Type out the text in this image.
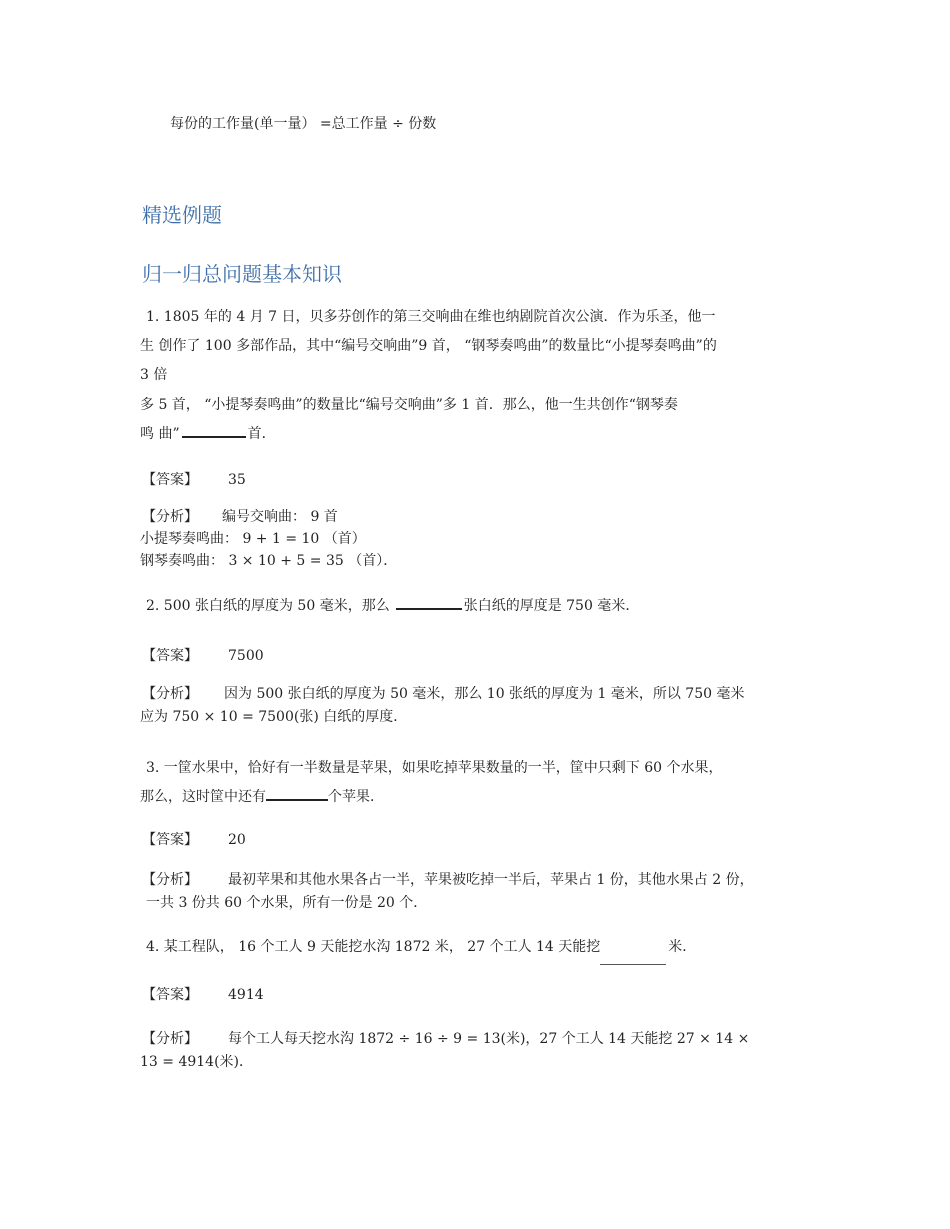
每份的工作量(单一量） =总工作量 ÷ 份数
精选例题
归一归总问题基本知识
1. 1805 年的 4 月 7 日，贝多芬创作的第三交响曲在维也纳剧院首次公演．作为乐圣，他一
生 创作了 100 多部作品，其中“编号交响曲”9 首， “钢琴奏鸣曲”的数量比“小提琴奏鸣曲”的
3 倍
多 5 首， “小提琴奏鸣曲”的数量比“编号交响曲”多 1 首．那么，他一生共创作“钢琴奏
鸣 曲”	首．
【答案】 35
【分析】 编号交响曲： 9 首
小提琴奏鸣曲： 9 + 1 = 10 （首）
钢琴奏鸣曲： 3 × 10 + 5 = 35 （首）．
2. 500 张白纸的厚度为 50 毫米，那么	张白纸的厚度是 750 毫米．
【答案】 7500
【分析】 因为 500 张白纸的厚度为 50 毫米，那么 10 张纸的厚度为 1 毫米，所以 750 毫米
应为 750 × 10 = 7500(张) 白纸的厚度．
3. 一筐水果中，恰好有一半数量是苹果，如果吃掉苹果数量的一半，筐中只剩下 60 个水果，
那么，这时筐中还有	个苹果．
【答案】 20
【分析】 最初苹果和其他水果各占一半，苹果被吃掉一半后，苹果占 1 份，其他水果占 2 份，
一共 3 份共 60 个水果，所有一份是 20 个．
4. 某工程队， 16 个工人 9 天能挖水沟 1872 米， 27 个工人 14 天能挖	米．
【答案】 4914
【分析】 每个工人每天挖水沟 1872 ÷ 16 ÷ 9 = 13(米)，27 个工人 14 天能挖 27 × 14 ×
13 = 4914(米)．
